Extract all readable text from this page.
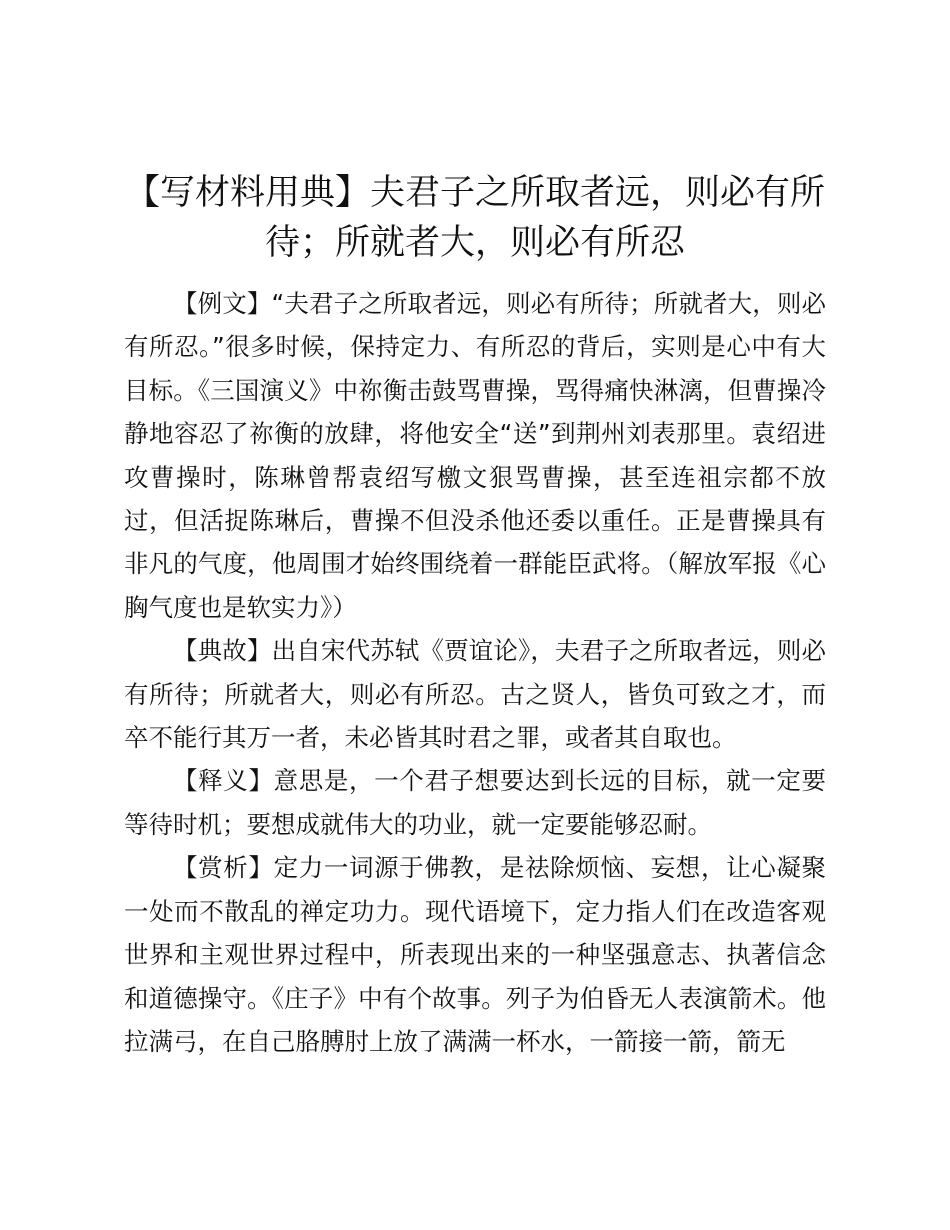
【写材料用典】夫君子之所取者远，则必有所待；所就者大，则必有所忍

【例文】“夫君子之所取者远，则必有所待；所就者大，则必有所忍。”很多时候，保持定力、有所忍的背后，实则是心中有大目标。《三国演义》中祢衡击鼓骂曹操，骂得痛快淋漓，但曹操冷静地容忍了祢衡的放肆，将他安全“送”到荆州刘表那里。袁绍进攻曹操时，陈琳曾帮袁绍写檄文狠骂曹操，甚至连祖宗都不放过，但活捉陈琳后，曹操不但没杀他还委以重任。正是曹操具有非凡的气度，他周围才始终围绕着一群能臣武将。（解放军报《心胸气度也是软实力》）

【典故】出自宋代苏轼《贾谊论》，夫君子之所取者远，则必有所待；所就者大，则必有所忍。古之贤人，皆负可致之才，而卒不能行其万一者，未必皆其时君之罪，或者其自取也。

【释义】意思是，一个君子想要达到长远的目标，就一定要等待时机；要想成就伟大的功业，就一定要能够忍耐。

【赏析】定力一词源于佛教，是祛除烦恼、妄想，让心凝聚一处而不散乱的禅定功力。现代语境下，定力指人们在改造客观世界和主观世界过程中，所表现出来的一种坚强意志、执著信念和道德操守。《庄子》中有个故事。列子为伯昏无人表演箭术。他拉满弓，在自己胳膊肘上放了满满一杯水，一箭接一箭，箭无
